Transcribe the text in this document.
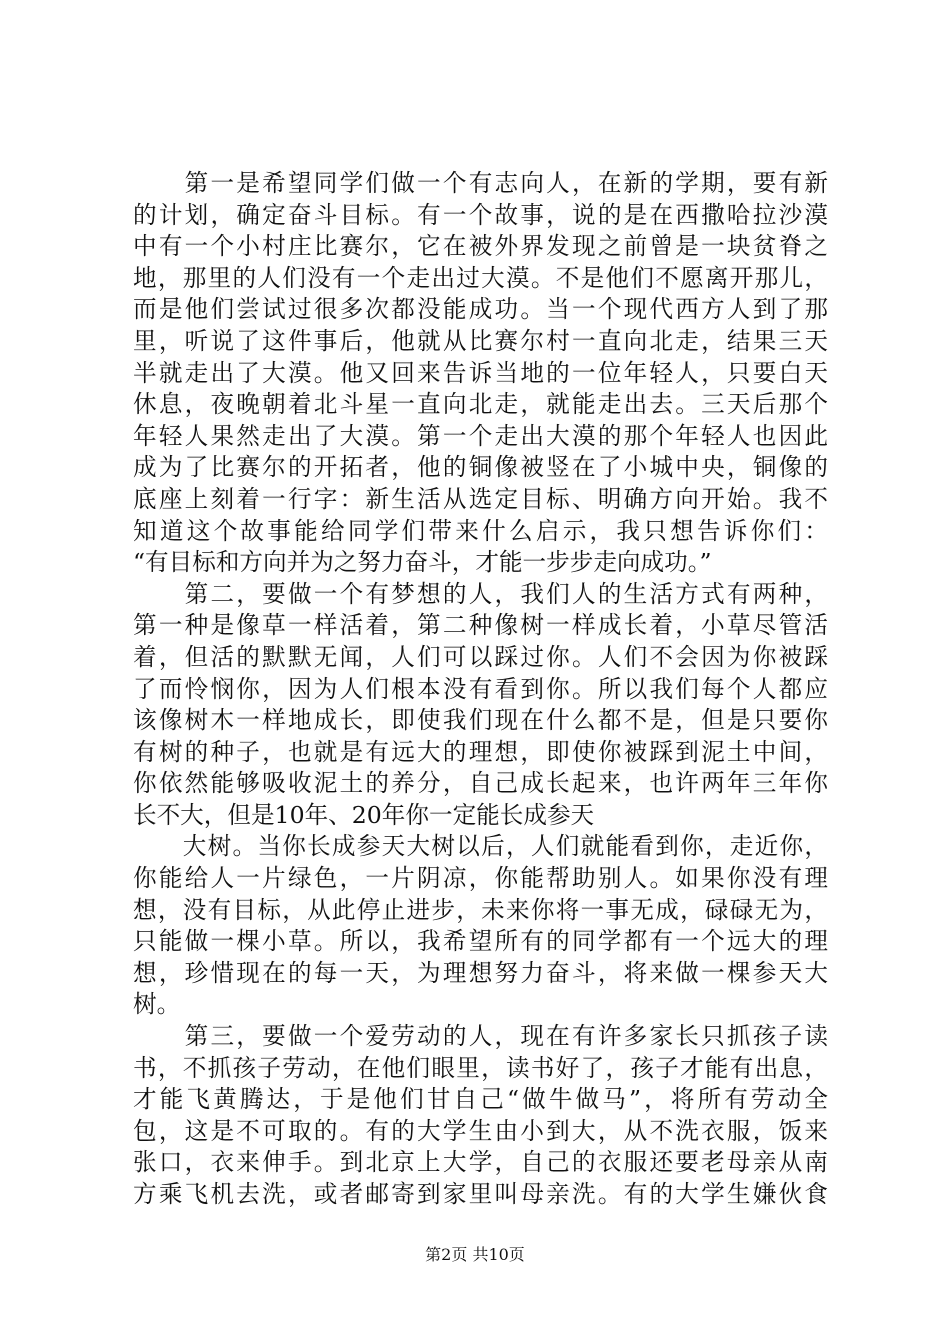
　　第一是希望同学们做一个有志向人，在新的学期，要有新
的计划，确定奋斗目标。有一个故事，说的是在西撒哈拉沙漠
中有一个小村庄比赛尔，它在被外界发现之前曾是一块贫脊之
地，那里的人们没有一个走出过大漠。不是他们不愿离开那儿，
而是他们尝试过很多次都没能成功。当一个现代西方人到了那
里，听说了这件事后，他就从比赛尔村一直向北走，结果三天
半就走出了大漠。他又回来告诉当地的一位年轻人，只要白天
休息，夜晚朝着北斗星一直向北走，就能走出去。三天后那个
年轻人果然走出了大漠。第一个走出大漠的那个年轻人也因此
成为了比赛尔的开拓者，他的铜像被竖在了小城中央，铜像的
底座上刻着一行字：新生活从选定目标、明确方向开始。我不
知道这个故事能给同学们带来什么启示，我只想告诉你们：
“有目标和方向并为之努力奋斗，才能一步步走向成功。”
　　第二，要做一个有梦想的人，我们人的生活方式有两种，
第一种是像草一样活着，第二种像树一样成长着，小草尽管活
着，但活的默默无闻，人们可以踩过你。人们不会因为你被踩
了而怜悯你，因为人们根本没有看到你。所以我们每个人都应
该像树木一样地成长，即使我们现在什么都不是，但是只要你
有树的种子，也就是有远大的理想，即使你被踩到泥土中间，
你依然能够吸收泥土的养分，自己成长起来，也许两年三年你
长不大，但是10年、20年你一定能长成参天
　　大树。当你长成参天大树以后，人们就能看到你，走近你，
你能给人一片绿色，一片阴凉，你能帮助别人。如果你没有理
想，没有目标，从此停止进步，未来你将一事无成，碌碌无为，
只能做一棵小草。所以，我希望所有的同学都有一个远大的理
想，珍惜现在的每一天，为理想努力奋斗，将来做一棵参天大
树。
　　第三，要做一个爱劳动的人，现在有许多家长只抓孩子读
书，不抓孩子劳动，在他们眼里，读书好了，孩子才能有出息，
才能飞黄腾达，于是他们甘自己“做牛做马”，将所有劳动全
包，这是不可取的。有的大学生由小到大，从不洗衣服，饭来
张口，衣来伸手。到北京上大学，自己的衣服还要老母亲从南
方乘飞机去洗，或者邮寄到家里叫母亲洗。有的大学生嫌伙食
第2页 共10页
